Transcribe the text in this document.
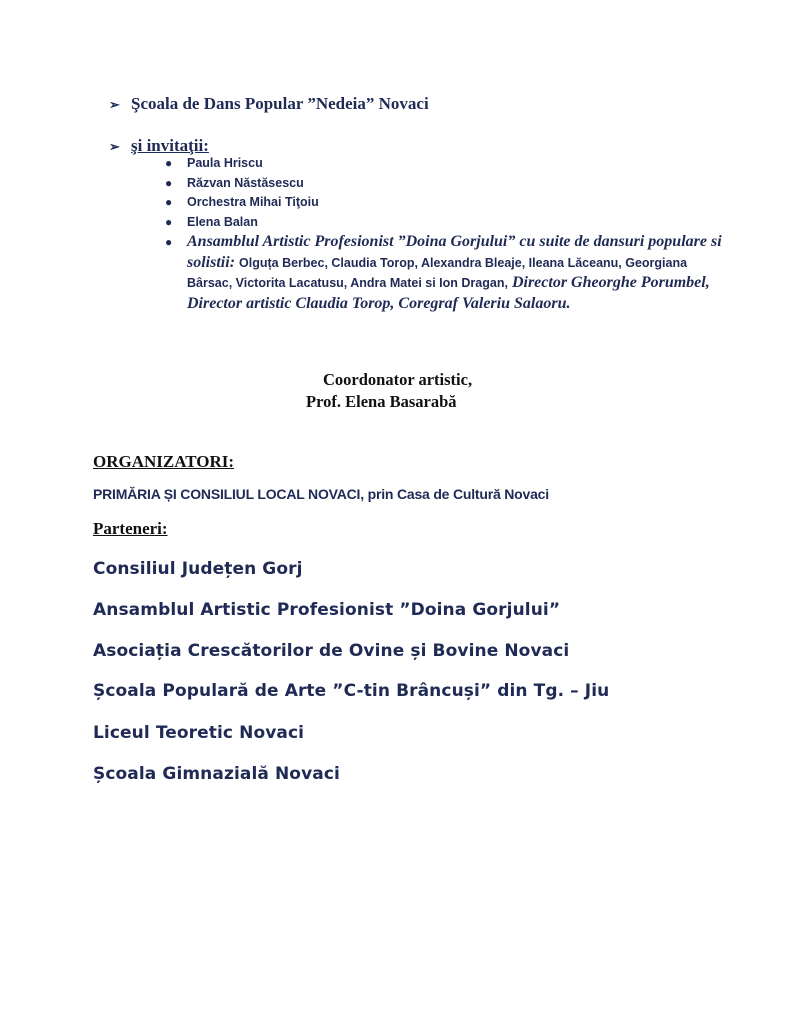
➢ Şcoala de Dans Popular ”Nedeia” Novaci
➢ şi invitaţii:
● Paula Hriscu
● Răzvan Năstăsescu
● Orchestra Mihai Tiţoiu
● Elena Balan
● Ansamblul Artistic Profesionist ”Doina Gorjului” cu suite de dansuri populare si solistii: Olguța Berbec, Claudia Torop, Alexandra Bleaje, Ileana Lăceanu, Georgiana Bârsac, Victorita Lacatusu, Andra Matei si Ion Dragan, Director Gheorghe Porumbel, Director artistic Claudia Torop, Coregraf Valeriu Salaoru.
Coordonator artistic,
Prof. Elena Basarabă
ORGANIZATORI:
PRIMĂRIA ȘI CONSILIUL LOCAL NOVACI, prin Casa de Cultură Novaci
Parteneri:
Consiliul Județen Gorj
Ansamblul Artistic Profesionist ”Doina Gorjului”
Asociația Crescătorilor de Ovine și Bovine Novaci
Școala Populară de Arte ”C-tin Brâncuși” din Tg. – Jiu
Liceul Teoretic Novaci
Școala Gimnazială Novaci
